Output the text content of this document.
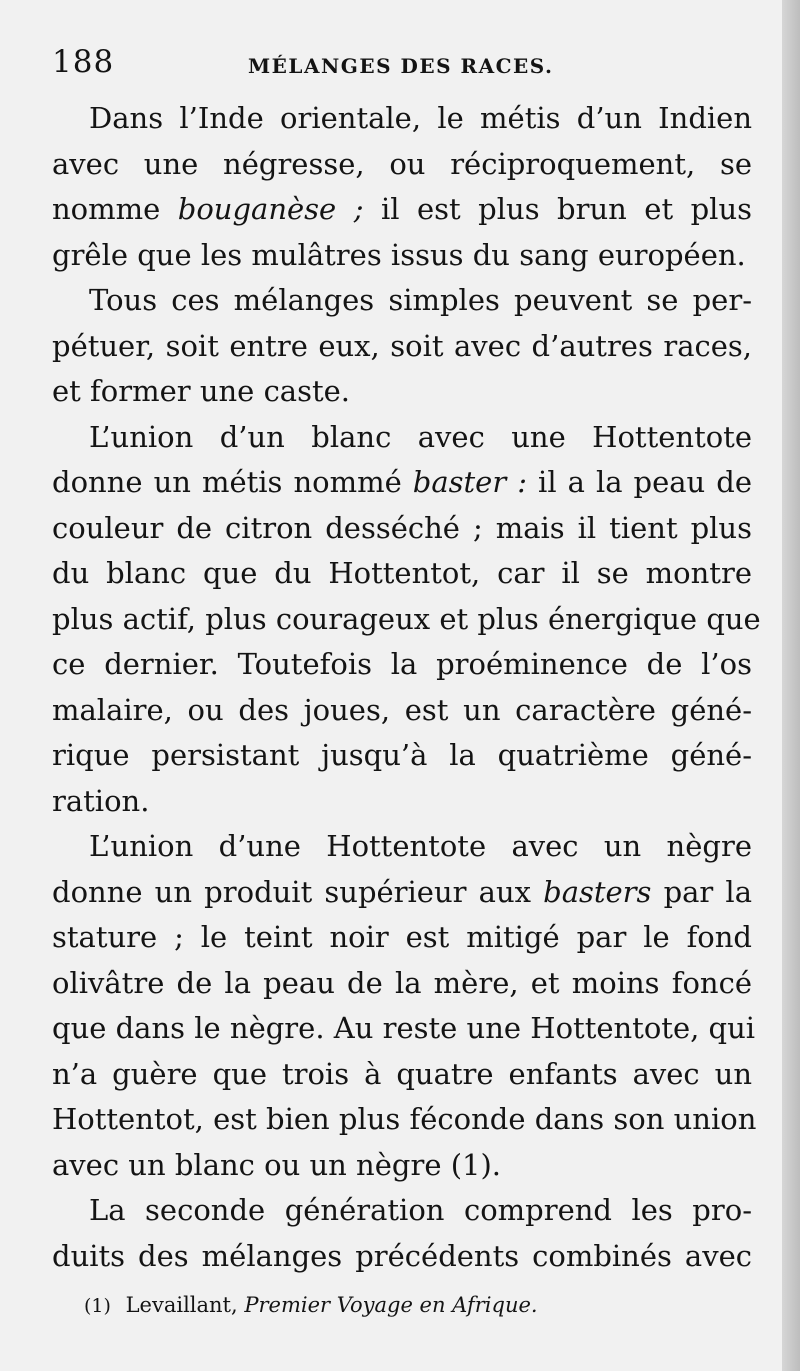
188	MÉLANGES DES RACES.

Dans l’Inde orientale, le métis d’un Indien
avec une négresse, ou réciproquement, se
nomme bouganèse ; il est plus brun et plus
grêle que les mulâtres issus du sang européen.

Tous ces mélanges simples peuvent se per-
pétuer, soit entre eux, soit avec d’autres races,
et former une caste.

L’union d’un blanc avec une Hottentote
donne un métis nommé baster : il a la peau de
couleur de citron desséché ; mais il tient plus
du blanc que du Hottentot, car il se montre
plus actif, plus courageux et plus énergique que
ce dernier. Toutefois la proéminence de l’os
malaire, ou des joues, est un caractère géné-
rique persistant jusqu’à la quatrième géné-
ration.

L’union d’une Hottentote avec un nègre
donne un produit supérieur aux basters par la
stature ; le teint noir est mitigé par le fond
olivâtre de la peau de la mère, et moins foncé
que dans le nègre. Au reste une Hottentote, qui
n’a guère que trois à quatre enfants avec un
Hottentot, est bien plus féconde dans son union
avec un blanc ou un nègre (1).

La seconde génération comprend les pro-
duits des mélanges précédents combinés avec

(1) Levaillant, Premier Voyage en Afrique.
